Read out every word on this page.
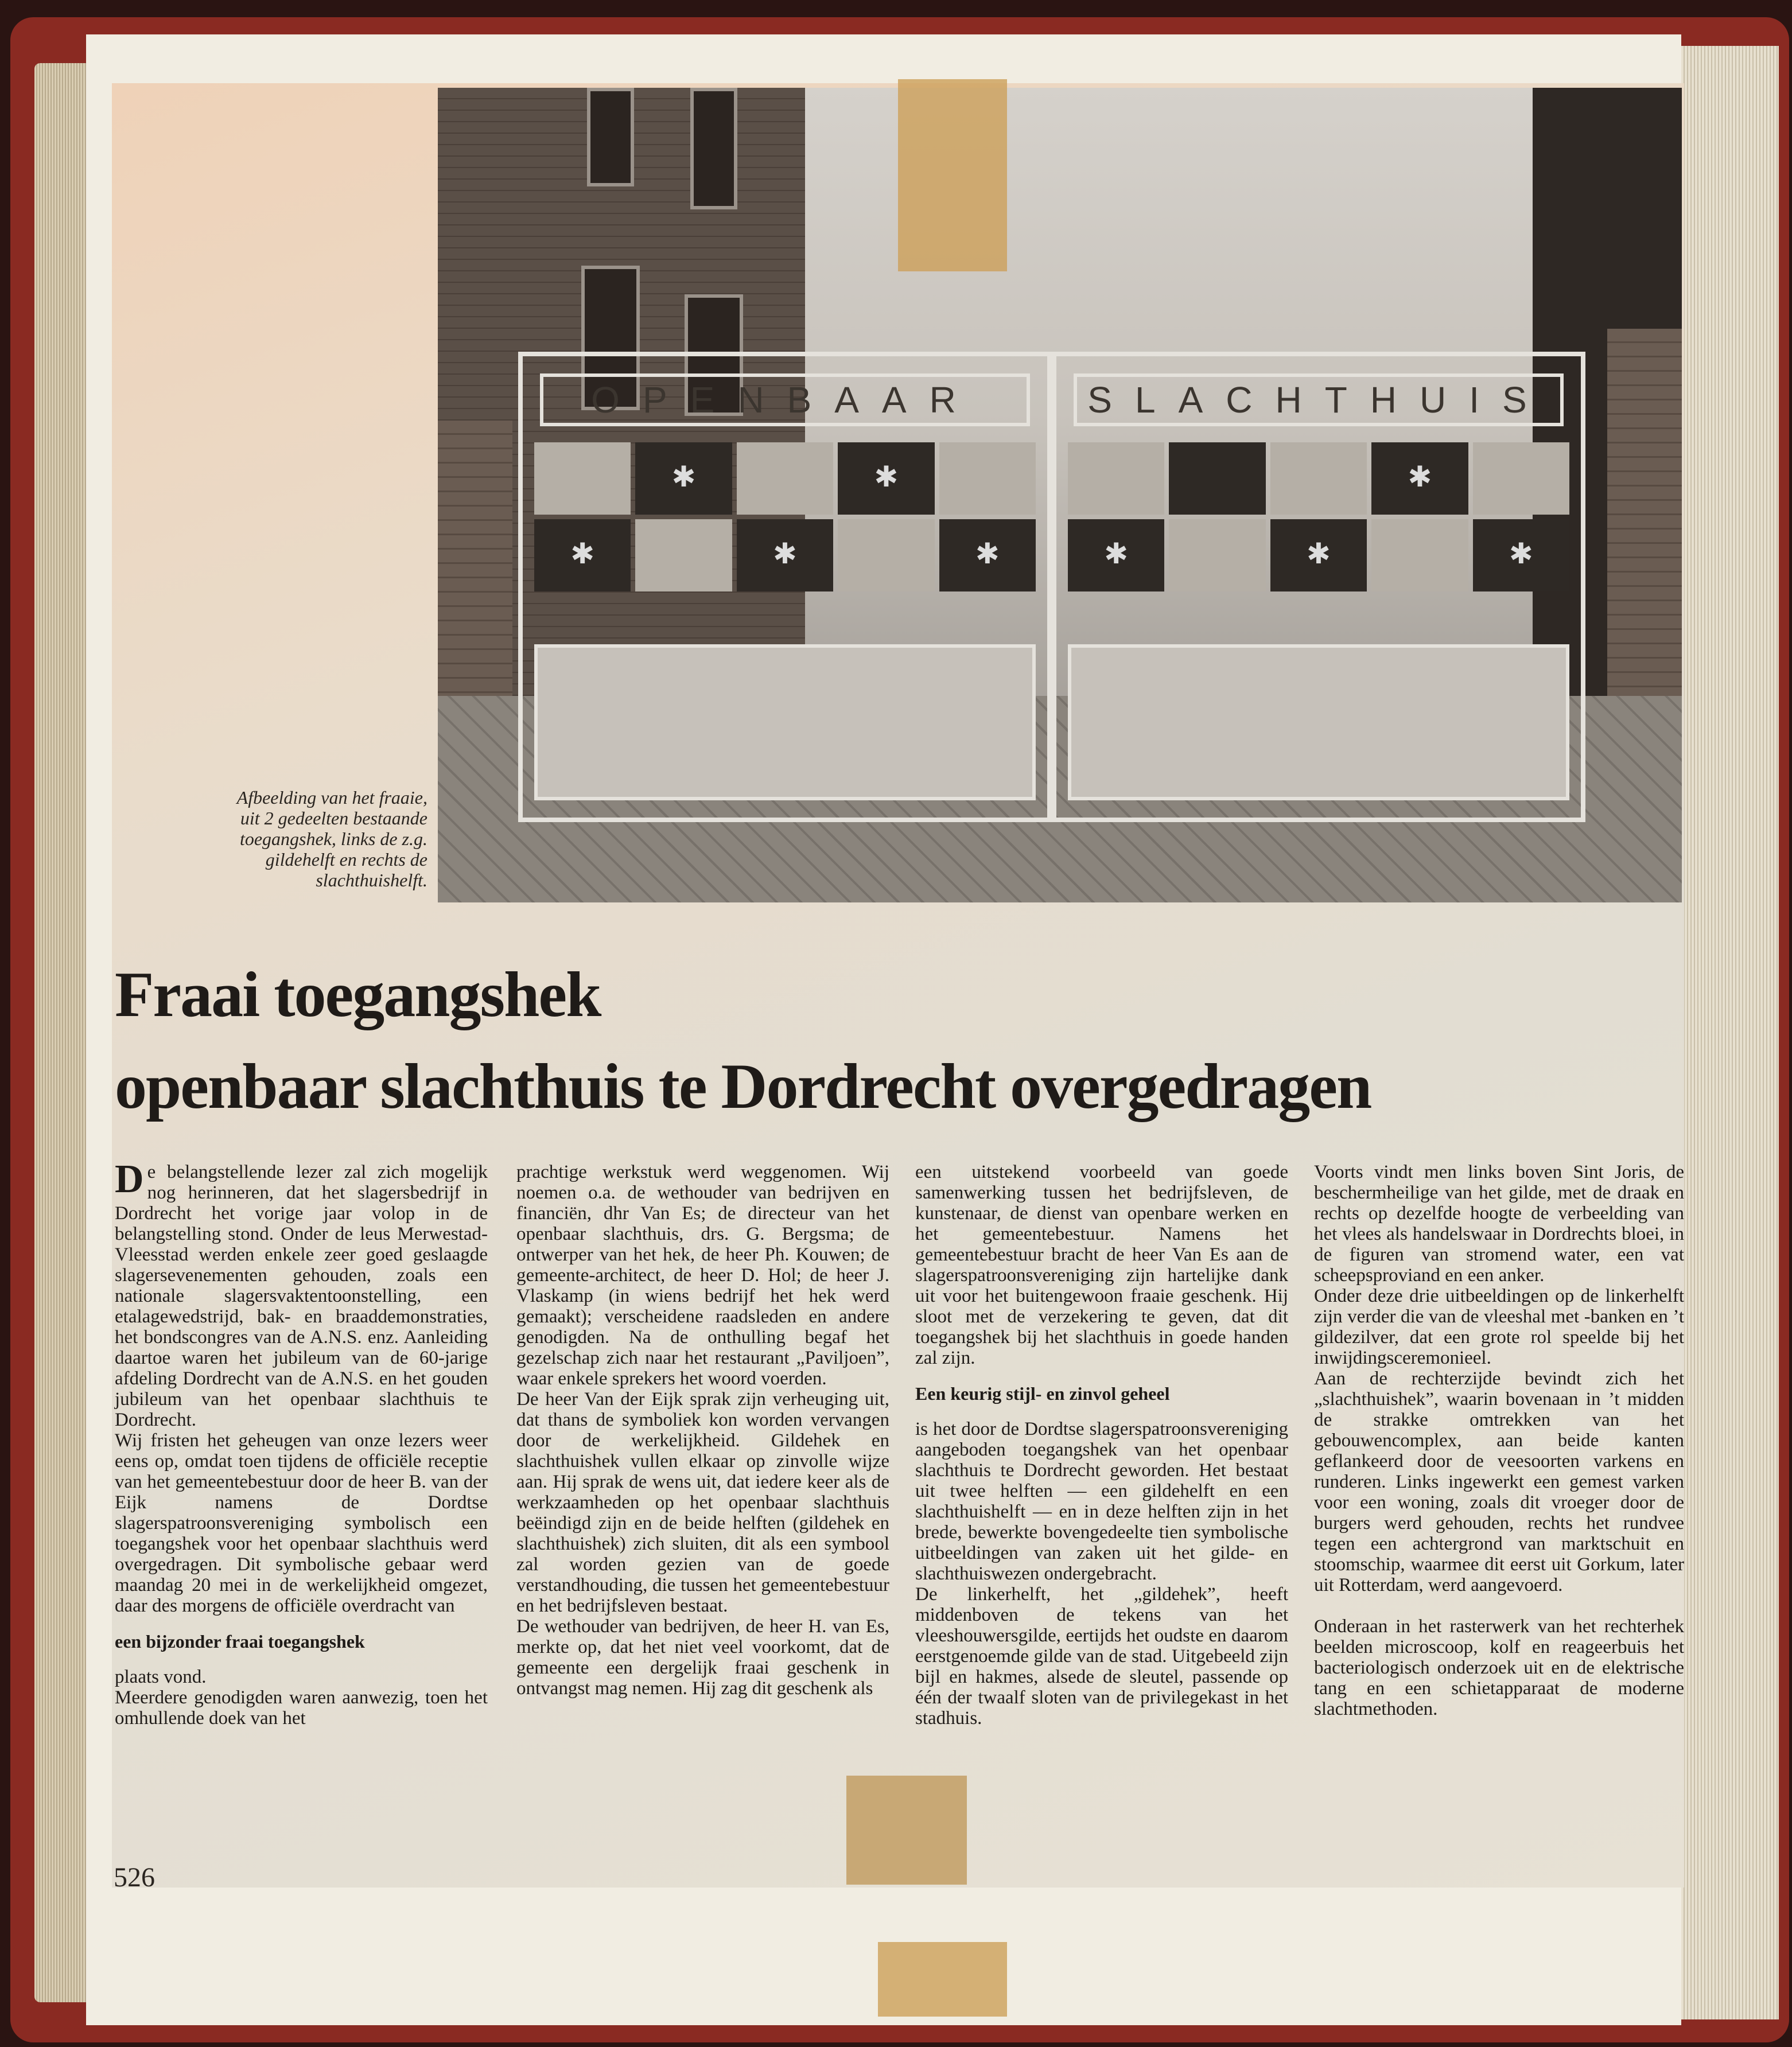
OPENBAAR
✱	✱
✱	✱	✱
SLACHTHUIS
✱
✱	✱	✱
Afbeelding van het fraaie,
uit 2 gedeelten bestaande
toegangshek, links de z.g.
gildehelft en rechts de
slachthuishelft.
Fraai toegangshek
openbaar slachthuis te Dordrecht overgedragen

De belangstellende lezer zal zich mogelijk nog herinneren, dat het slagersbedrijf in Dordrecht het vorige jaar volop in de belangstelling stond. Onder de leus Merwestad-Vleesstad werden enkele zeer goed geslaagde slagersevenementen gehouden, zoals een nationale slagersvaktentoonstelling, een etalagewedstrijd, bak- en braaddemonstraties, het bondscongres van de A.N.S. enz. Aanleiding daartoe waren het jubileum van de 60-jarige afdeling Dordrecht van de A.N.S. en het gouden jubileum van het openbaar slachthuis te Dordrecht.

Wij fristen het geheugen van onze lezers weer eens op, omdat toen tijdens de officiële receptie van het gemeentebestuur door de heer B. van der Eijk namens de Dordtse slagerspatroonsvereniging symbolisch een toegangshek voor het openbaar slachthuis werd overgedragen. Dit symbolische gebaar werd maandag 20 mei in de werkelijkheid omgezet, daar des morgens de officiële overdracht van

een bijzonder fraai toegangshek

plaats vond.

Meerdere genodigden waren aanwezig, toen het omhullende doek van het

prachtige werkstuk werd weggenomen. Wij noemen o.a. de wethouder van bedrijven en financiën, dhr Van Es; de directeur van het openbaar slachthuis, drs. G. Bergsma; de ontwerper van het hek, de heer Ph. Kouwen; de gemeente-architect, de heer D. Hol; de heer J. Vlaskamp (in wiens bedrijf het hek werd gemaakt); verscheidene raadsleden en andere genodigden. Na de onthulling begaf het gezelschap zich naar het restaurant „Paviljoen”, waar enkele sprekers het woord voerden.

De heer Van der Eijk sprak zijn verheuging uit, dat thans de symboliek kon worden vervangen door de werkelijkheid. Gildehek en slachthuishek vullen elkaar op zinvolle wijze aan. Hij sprak de wens uit, dat iedere keer als de werkzaamheden op het openbaar slachthuis beëindigd zijn en de beide helften (gildehek en slachthuishek) zich sluiten, dit als een symbool zal worden gezien van de goede verstandhouding, die tussen het gemeentebestuur en het bedrijfsleven bestaat.

De wethouder van bedrijven, de heer H. van Es, merkte op, dat het niet veel voorkomt, dat de gemeente een dergelijk fraai geschenk in ontvangst mag nemen. Hij zag dit geschenk als

een uitstekend voorbeeld van goede samenwerking tussen het bedrijfsleven, de kunstenaar, de dienst van openbare werken en het gemeentebestuur. Namens het gemeentebestuur bracht de heer Van Es aan de slagerspatroonsvereniging zijn hartelijke dank uit voor het buitengewoon fraaie geschenk. Hij sloot met de verzekering te geven, dat dit toegangshek bij het slachthuis in goede handen zal zijn.

Een keurig stijl- en zinvol geheel

is het door de Dordtse slagerspatroonsvereniging aangeboden toegangshek van het openbaar slachthuis te Dordrecht geworden. Het bestaat uit twee helften — een gildehelft en een slachthuishelft — en in deze helften zijn in het brede, bewerkte bovengedeelte tien symbolische uitbeeldingen van zaken uit het gilde- en slachthuiswezen ondergebracht.

De linkerhelft, het „gildehek”, heeft middenboven de tekens van het vleeshouwersgilde, eertijds het oudste en daarom eerstgenoemde gilde van de stad. Uitgebeeld zijn bijl en hakmes, alsede de sleutel, passende op één der twaalf sloten van de privilegekast in het stadhuis.

Voorts vindt men links boven Sint Joris, de beschermheilige van het gilde, met de draak en rechts op dezelfde hoogte de verbeelding van het vlees als handelswaar in Dordrechts bloei, in de figuren van stromend water, een vat scheepsproviand en een anker.

Onder deze drie uitbeeldingen op de linkerhelft zijn verder die van de vleeshal met -banken en ’t gildezilver, dat een grote rol speelde bij het inwijdingsceremonieel.

Aan de rechterzijde bevindt zich het „slachthuishek”, waarin bovenaan in ’t midden de strakke omtrekken van het gebouwencomplex, aan beide kanten geflankeerd door de veesoorten varkens en runderen. Links ingewerkt een gemest varken voor een woning, zoals dit vroeger door de burgers werd gehouden, rechts het rundvee tegen een achtergrond van marktschuit en stoomschip, waarmee dit eerst uit Gorkum, later uit Rotterdam, werd aangevoerd.

Onderaan in het rasterwerk van het rechterhek beelden microscoop, kolf en reageerbuis het bacteriologisch onderzoek uit en de elektrische tang en een schietapparaat de moderne slachtmethoden.

526
